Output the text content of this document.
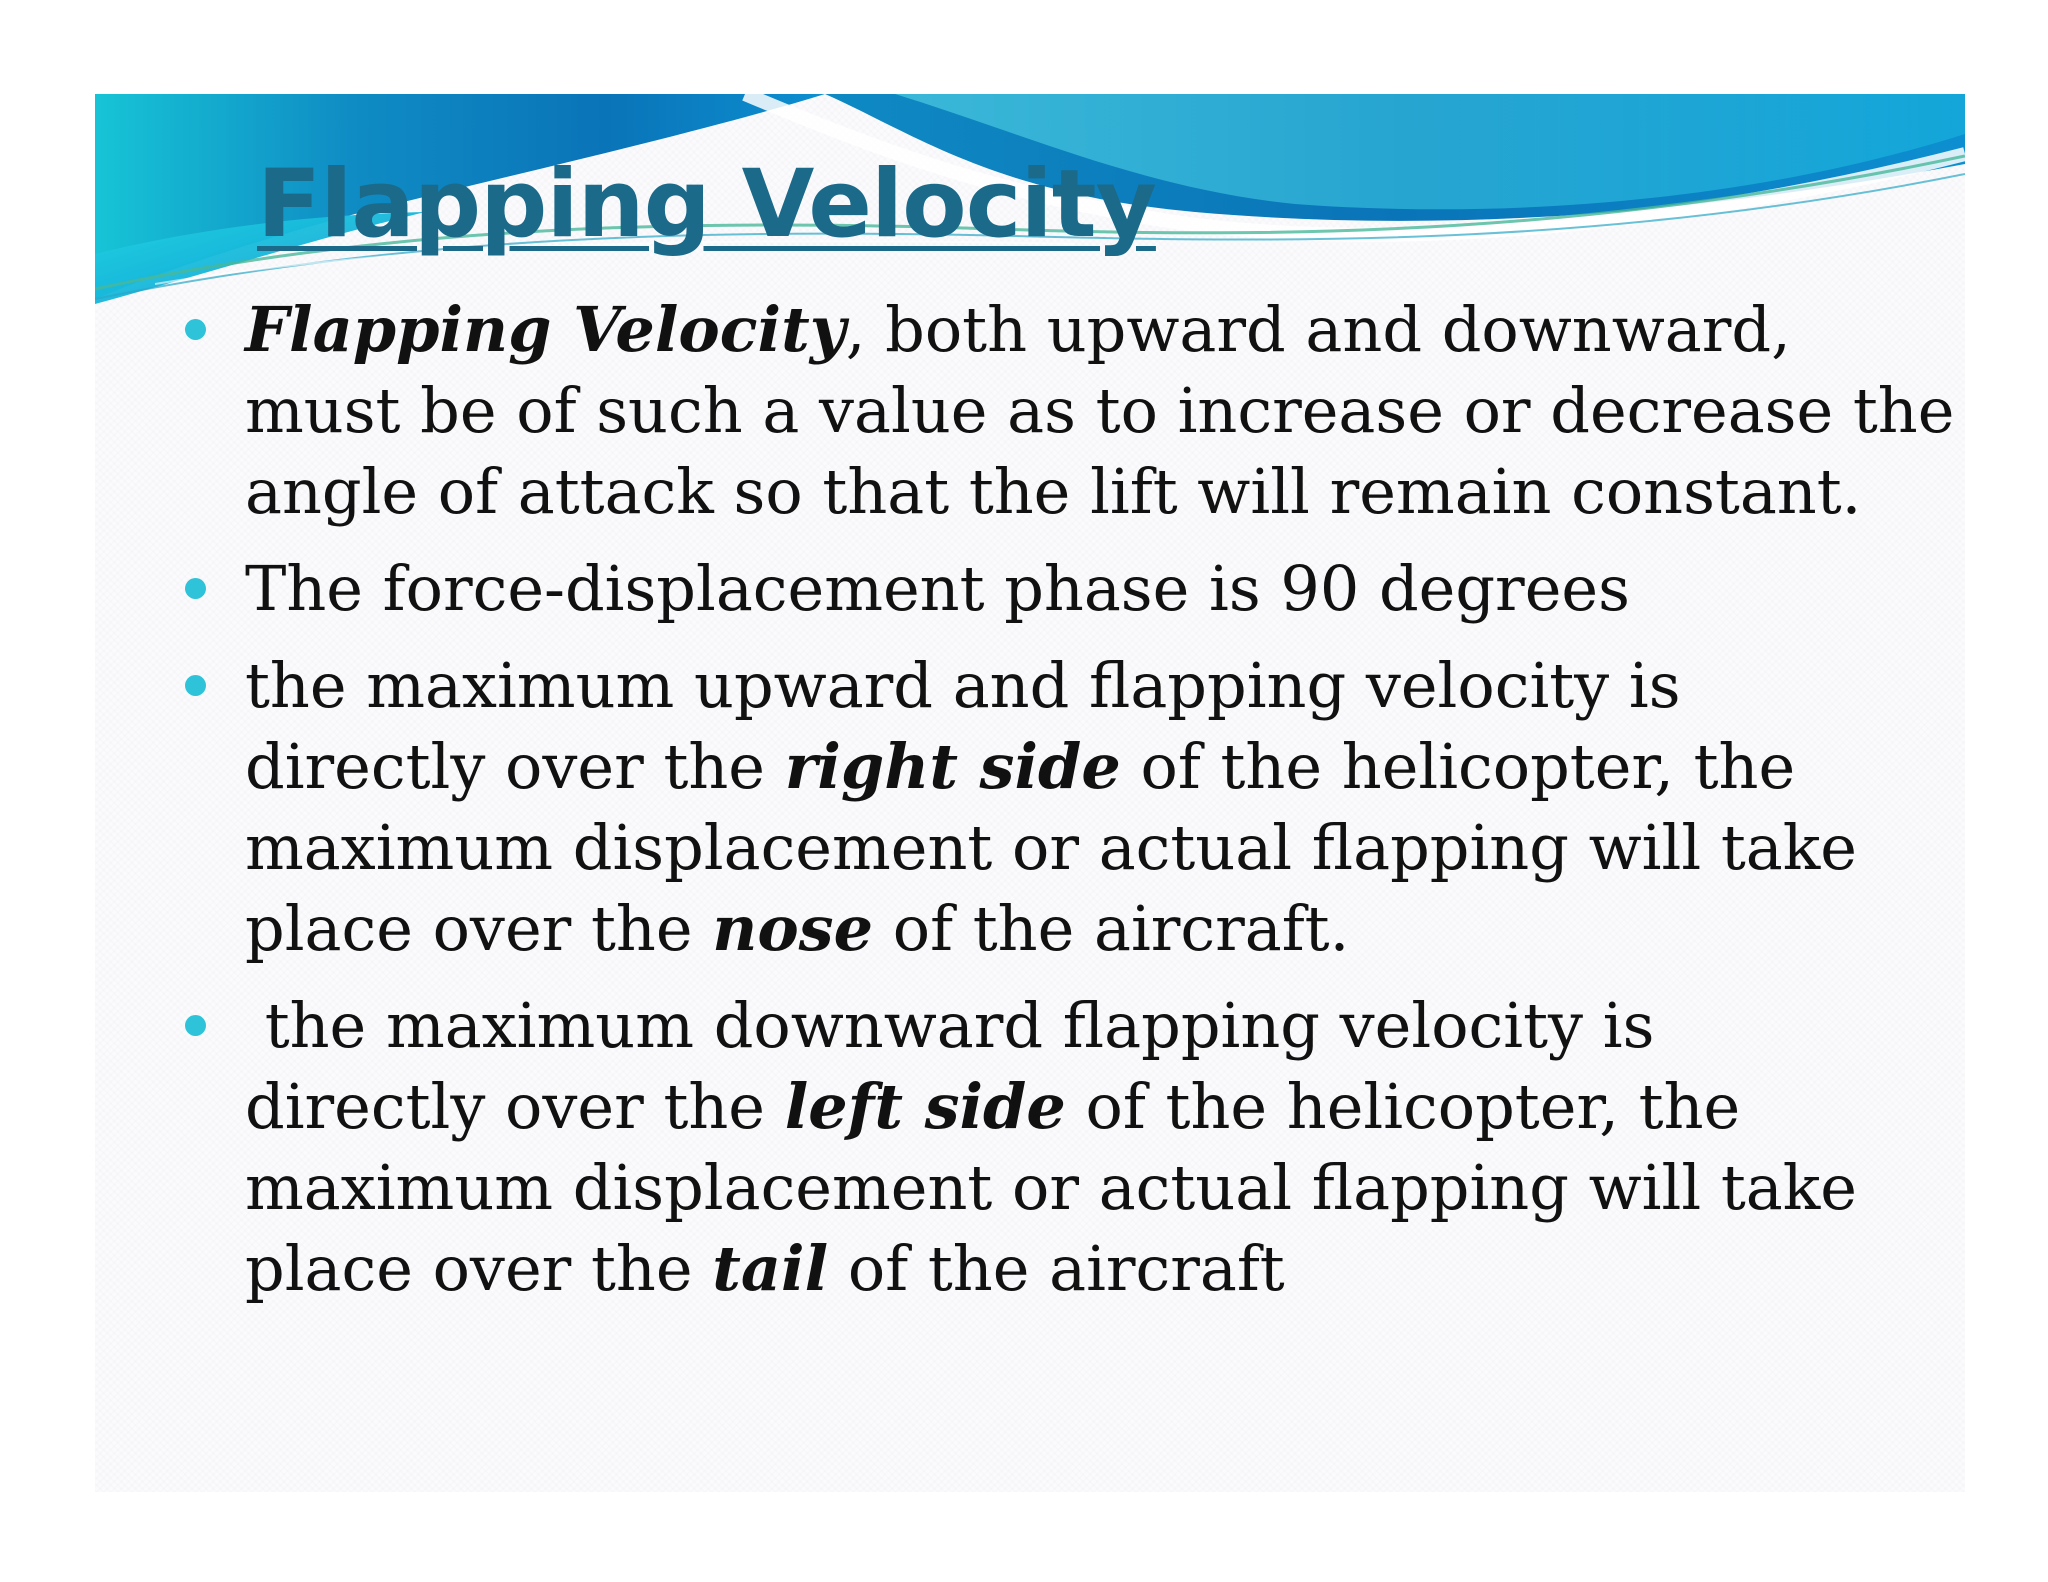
Flapping Velocity
Flapping Velocity, both upward and downward,
must be of such a value as to increase or decrease the
angle of attack so that the lift will remain constant.
The force-displacement phase is 90 degrees
the maximum upward and flapping velocity is
directly over the right side of the helicopter, the
maximum displacement or actual flapping will take
place over the nose of the aircraft.
the maximum downward flapping velocity is
directly over the left side of the helicopter, the
maximum displacement or actual flapping will take
place over the tail of the aircraft
